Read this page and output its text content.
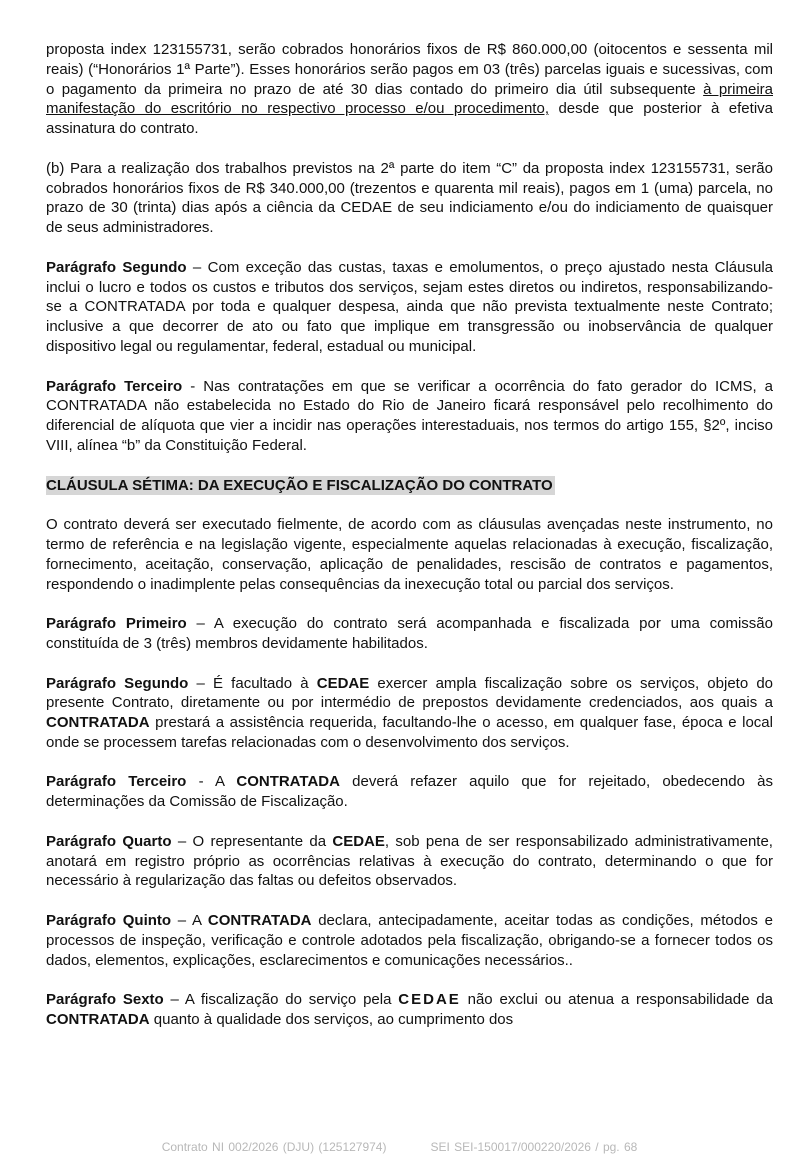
proposta index 123155731, serão cobrados honorários fixos de R$ 860.000,00 (oitocentos e sessenta mil reais) (“Honorários 1ª Parte”). Esses honorários serão pagos em 03 (três) parcelas iguais e sucessivas, com o pagamento da primeira no prazo de até 30 dias contado do primeiro dia útil subsequente à primeira manifestação do escritório no respectivo processo e/ou procedimento, desde que posterior à efetiva assinatura do contrato.

(b) Para a realização dos trabalhos previstos na 2ª parte do item “C” da proposta index 123155731, serão cobrados honorários fixos de R$ 340.000,00 (trezentos e quarenta mil reais), pagos em 1 (uma) parcela, no prazo de 30 (trinta) dias após a ciência da CEDAE de seu indiciamento e/ou do indiciamento de quaisquer de seus administradores.

Parágrafo Segundo – Com exceção das custas, taxas e emolumentos, o preço ajustado nesta Cláusula inclui o lucro e todos os custos e tributos dos serviços, sejam estes diretos ou indiretos, responsabilizando-se a CONTRATADA por toda e qualquer despesa, ainda que não prevista textualmente neste Contrato; inclusive a que decorrer de ato ou fato que implique em transgressão ou inobservância de qualquer dispositivo legal ou regulamentar, federal, estadual ou municipal.

Parágrafo Terceiro - Nas contratações em que se verificar a ocorrência do fato gerador do ICMS, a CONTRATADA não estabelecida no Estado do Rio de Janeiro ficará responsável pelo recolhimento do diferencial de alíquota que vier a incidir nas operações interestaduais, nos termos do artigo 155, §2º, inciso VIII, alínea “b” da Constituição Federal.

CLÁUSULA SÉTIMA: DA EXECUÇÃO E FISCALIZAÇÃO DO CONTRATO

O contrato deverá ser executado fielmente, de acordo com as cláusulas avençadas neste instrumento, no termo de referência e na legislação vigente, especialmente aquelas relacionadas à execução, fiscalização, fornecimento, aceitação, conservação, aplicação de penalidades, rescisão de contratos e pagamentos, respondendo o inadimplente pelas consequências da inexecução total ou parcial dos serviços.

Parágrafo Primeiro – A execução do contrato será acompanhada e fiscalizada por uma comissão constituída de 3 (três) membros devidamente habilitados.

Parágrafo Segundo – É facultado à CEDAE exercer ampla fiscalização sobre os serviços, objeto do presente Contrato, diretamente ou por intermédio de prepostos devidamente credenciados, aos quais a CONTRATADA prestará a assistência requerida, facultando-lhe o acesso, em qualquer fase, época e local onde se processem tarefas relacionadas com o desenvolvimento dos serviços.

Parágrafo Terceiro - A CONTRATADA deverá refazer aquilo que for rejeitado, obedecendo às determinações da Comissão de Fiscalização.

Parágrafo Quarto – O representante da CEDAE, sob pena de ser responsabilizado administrativamente, anotará em registro próprio as ocorrências relativas à execução do contrato, determinando o que for necessário à regularização das faltas ou defeitos observados.

Parágrafo Quinto – A CONTRATADA declara, antecipadamente, aceitar todas as condições, métodos e processos de inspeção, verificação e controle adotados pela fiscalização, obrigando-se a fornecer todos os dados, elementos, explicações, esclarecimentos e comunicações necessários..

Parágrafo Sexto – A fiscalização do serviço pela CEDAE não exclui ou atenua a responsabilidade da CONTRATADA quanto à qualidade dos serviços, ao cumprimento dos

Contrato NI 002/2026 (DJU) (125127974)	SEI SEI-150017/000220/2026 / pg. 68
